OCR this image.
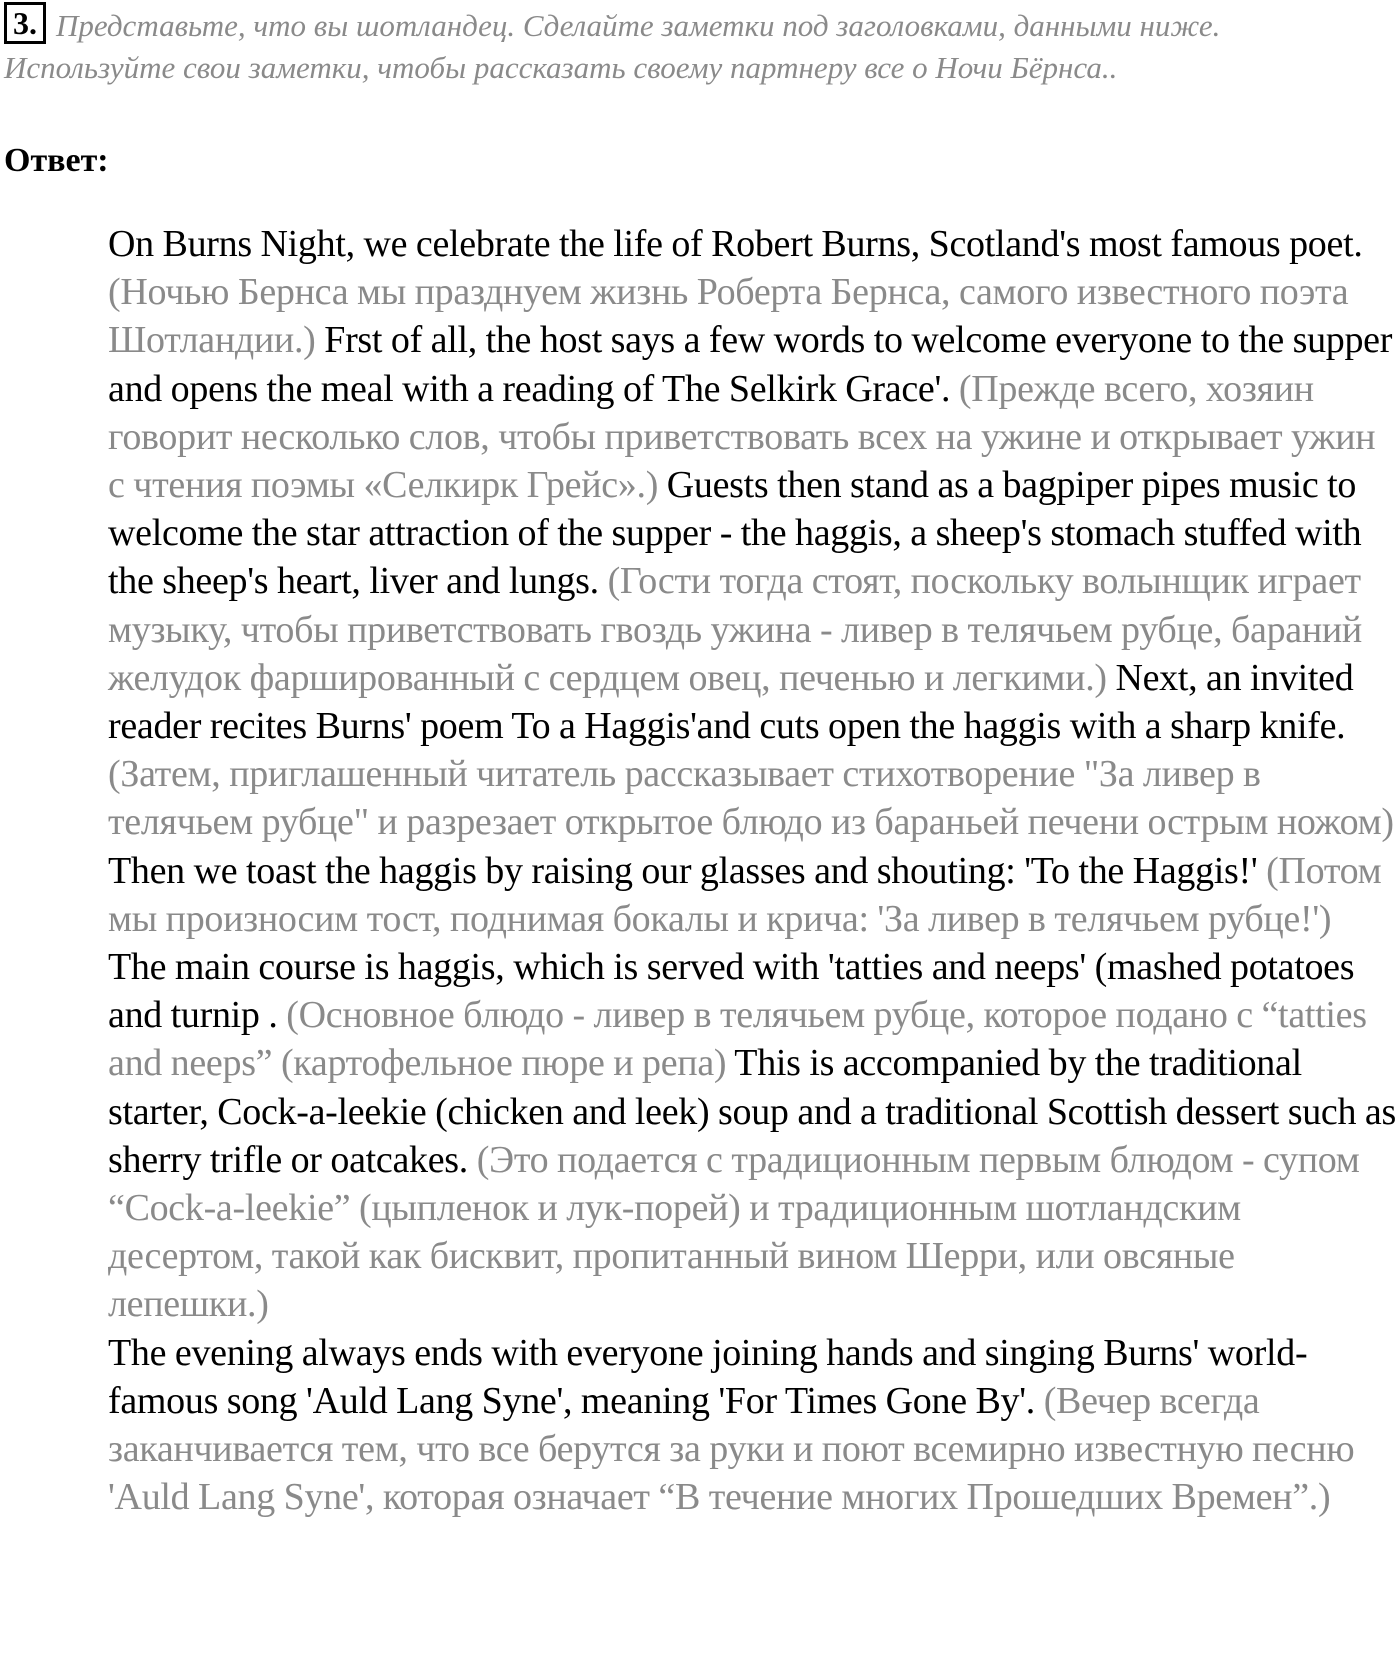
3. Представьте, что вы шотландец. Сделайте заметки под заголовками, данными ниже. Используйте свои заметки, чтобы рассказать своему партнеру все о Ночи Бёрнса..
Ответ:

On Burns Night, we celebrate the life of Robert Burns, Scotland's most famous poet. (Ночью Бернса мы празднуем жизнь Роберта Бернса, самого известного поэта Шотландии.) Frst of all, the host says a few words to welcome everyone to the supper and opens the meal with a reading of The Selkirk Grace'. (Прежде всего, хозяин говорит несколько слов, чтобы приветствовать всех на ужине и открывает ужин с чтения поэмы «Селкирк Грейс».) Guests then stand as a bagpiper pipes music to welcome the star attraction of the supper - the haggis, a sheep's stomach stuffed with the sheep's heart, liver and lungs. (Гости тогда стоят, поскольку волынщик играет музыку, чтобы приветствовать гвоздь ужина - ливер в телячьем рубце, бараний желудок фаршированный с сердцем овец, печенью и легкими.) Next, an invited reader recites Burns' poem To a Haggis'and cuts open the haggis with a sharp knife. (Затем, приглашенный читатель рассказывает стихотворение "За ливер в телячьем рубце" и разрезает открытое блюдо из бараньей печени острым ножом) Then we toast the haggis by raising our glasses and shouting: 'To the Haggis!' (Потом мы произносим тост, поднимая бокалы и крича: 'За ливер в телячьем рубце!') The main course is haggis, which is served with 'tatties and neeps' (mashed potatoes and turnip . (Основное блюдо - ливер в телячьем рубце, которое подано с “tatties and neeps” (картофельное пюре и репа) This is accompanied by the traditional starter, Cock-a-leekie (chicken and leek) soup and a traditional Scottish dessert such as sherry trifle or oatcakes. (Это подается с традиционным первым блюдом - супом “Cock-a-leekie” (цыпленок и лук-порей) и традиционным шотландским десертом, такой как бисквит, пропитанный вином Шерри, или овсяные лепешки.)

The evening always ends with everyone joining hands and singing Burns' world-famous song 'Auld Lang Syne', meaning 'For Times Gone By'. (Вечер всегда заканчивается тем, что все берутся за руки и поют всемирно известную песню 'Auld Lang Syne', которая означает “В течение многих Прошедших Времен”.)
